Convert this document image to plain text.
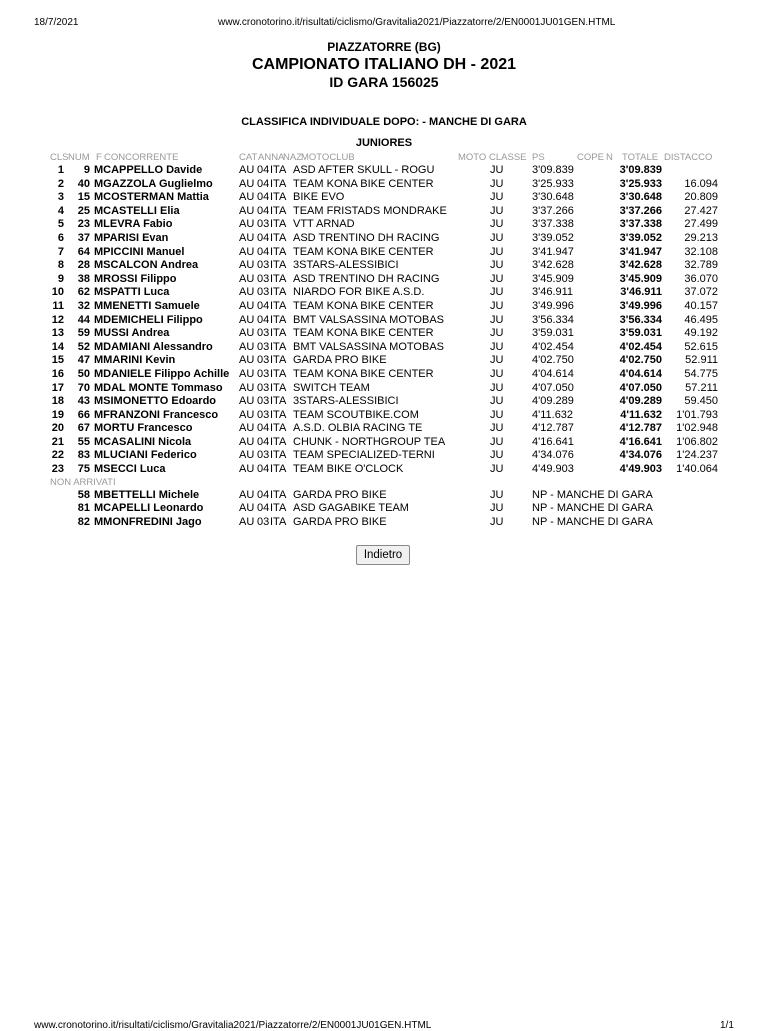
18/7/2021	www.cronotorino.it/risultati/ciclismo/Gravitalia2021/Piazzatorre/2/EN0001JU01GEN.HTML
PIAZZATORRE (BG)
CAMPIONATO ITALIANO DH - 2021
ID GARA 156025
CLASSIFICA INDIVIDUALE DOPO: - MANCHE DI GARA
JUNIORES
CLS NUM F CONCORRENTE	CAT ANNA
NAZ MOTOCLUB	MOTO CLASSE PS	COPE N TOTALE DISTACCO
1	9 MCAPPELLO Davide	AU 04 ITA ASD AFTER SKULL - ROGU	JU	3'09.839	3'09.839
2	40 MGAZZOLA Guglielmo AU 04 ITA TEAM KONA BIKE CENTER	JU	3'25.933	3'25.933	16.094
3	15 MCOSTERMAN Mattia	AU 04 ITA BIKE EVO	JU	3'30.648	3'30.648	20.809
4	25 MCASTELLI Elia	AU 04 ITA TEAM FRISTADS MONDRAKE	JU	3'37.266	3'37.266	27.427
5	23 MLEVRA Fabio	AU 03 ITA VTT ARNAD	JU	3'37.338	3'37.338	27.499
6	37 MPARISI Evan	AU 04 ITA ASD TRENTINO DH RACING	JU	3'39.052	3'39.052	29.213
7	64 MPICCINI Manuel	AU 04 ITA TEAM KONA BIKE CENTER	JU	3'41.947	3'41.947	32.108
8	28 MSCALCON Andrea	AU 03 ITA 3STARS-ALESSIBICI	JU	3'42.628	3'42.628	32.789
9	38 MROSSI Filippo	AU 03 ITA ASD TRENTINO DH RACING	JU	3'45.909	3'45.909	36.070
10	62 MSPATTI Luca	AU 03 ITA NIARDO FOR BIKE A.S.D.	JU	3'46.911	3'46.911	37.072
11	32 MMENETTI Samuele	AU 04 ITA TEAM KONA BIKE CENTER	JU	3'49.996	3'49.996	40.157
12	44 MDEMICHELI Filippo	AU 04 ITA BMT VALSASSINA MOTOBAS	JU	3'56.334	3'56.334	46.495
13	59 MUSSI Andrea	AU 03 ITA TEAM KONA BIKE CENTER	JU	3'59.031	3'59.031	49.192
14	52 MDAMIANI Alessandro AU 03 ITA BMT VALSASSINA MOTOBAS	JU	4'02.454	4'02.454	52.615
15	47 MMARINI Kevin	AU 03 ITA GARDA PRO BIKE	JU	4'02.750	4'02.750	52.911
16	50 MDANIELE Filippo Achille AU 03 ITA TEAM KONA BIKE CENTER	JU	4'04.614	4'04.614	54.775
17	70 MDAL MONTE Tommaso AU 03 ITA SWITCH TEAM	JU	4'07.050	4'07.050	57.211
18	43 MSIMONETTO Edoardo AU 03 ITA 3STARS-ALESSIBICI	JU	4'09.289	4'09.289	59.450
19	66 MFRANZONI Francesco AU 03 ITA TEAM SCOUTBIKE.COM	JU	4'11.632	4'11.632	1'01.793
20	67 MORTU Francesco	AU 04 ITA A.S.D. OLBIA RACING TE	JU	4'12.787	4'12.787	1'02.948
21	55 MCASALINI Nicola	AU 04 ITA CHUNK - NORTHGROUP TEA	JU	4'16.641	4'16.641	1'06.802
22	83 MLUCIANI Federico	AU 03 ITA TEAM SPECIALIZED-TERNI	JU	4'34.076	4'34.076	1'24.237
23	75 MSECCI Luca	AU 04 ITA TEAM BIKE O'CLOCK	JU	4'49.903	4'49.903	1'40.064
NON ARRIVATI
58 MBETTELLI Michele	AU 04 ITA GARDA PRO BIKE	JU	NP - MANCHE DI GARA
81 MCAPELLI Leonardo	AU 04 ITA ASD GAGABIKE TEAM	JU	NP - MANCHE DI GARA
82 MMONFREDINI Jago	AU 03 ITA GARDA PRO BIKE	JU	NP - MANCHE DI GARA
Indietro
www.cronotorino.it/risultati/ciclismo/Gravitalia2021/Piazzatorre/2/EN0001JU01GEN.HTML	1/1
